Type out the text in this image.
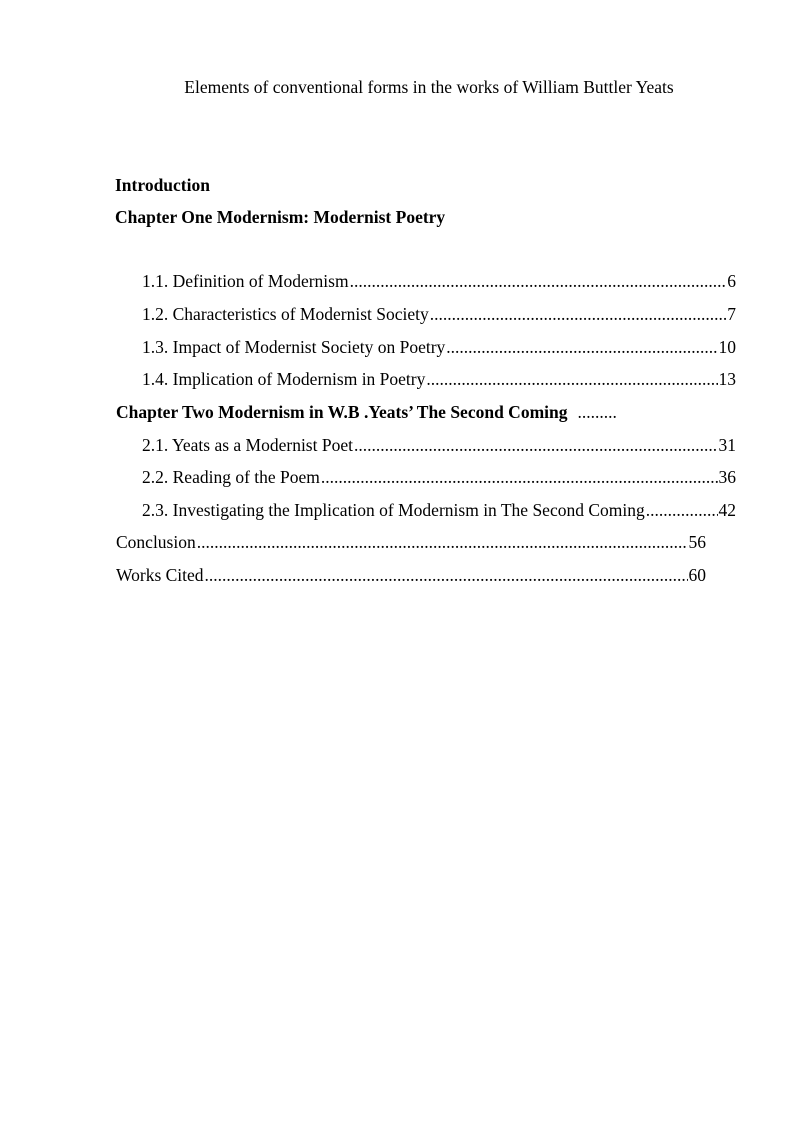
Elements of conventional forms in the works of William Buttler Yeats
Introduction
Chapter One Modernism: Modernist Poetry
1.1. Definition of Modernism .....	6
1.2. Characteristics of Modernist Society .....	7
1.3. Impact of Modernist Society on Poetry .....	10
1.4. Implication of Modernism in Poetry .....	13
Chapter Two Modernism in W.B .Yeats’ The Second Coming .........
2.1. Yeats as a Modernist Poet .....	31
2.2. Reading of the Poem .....	36
2.3. Investigating the Implication of Modernism in The Second Coming .....	42
Conclusion .....	56
Works Cited .....	60
